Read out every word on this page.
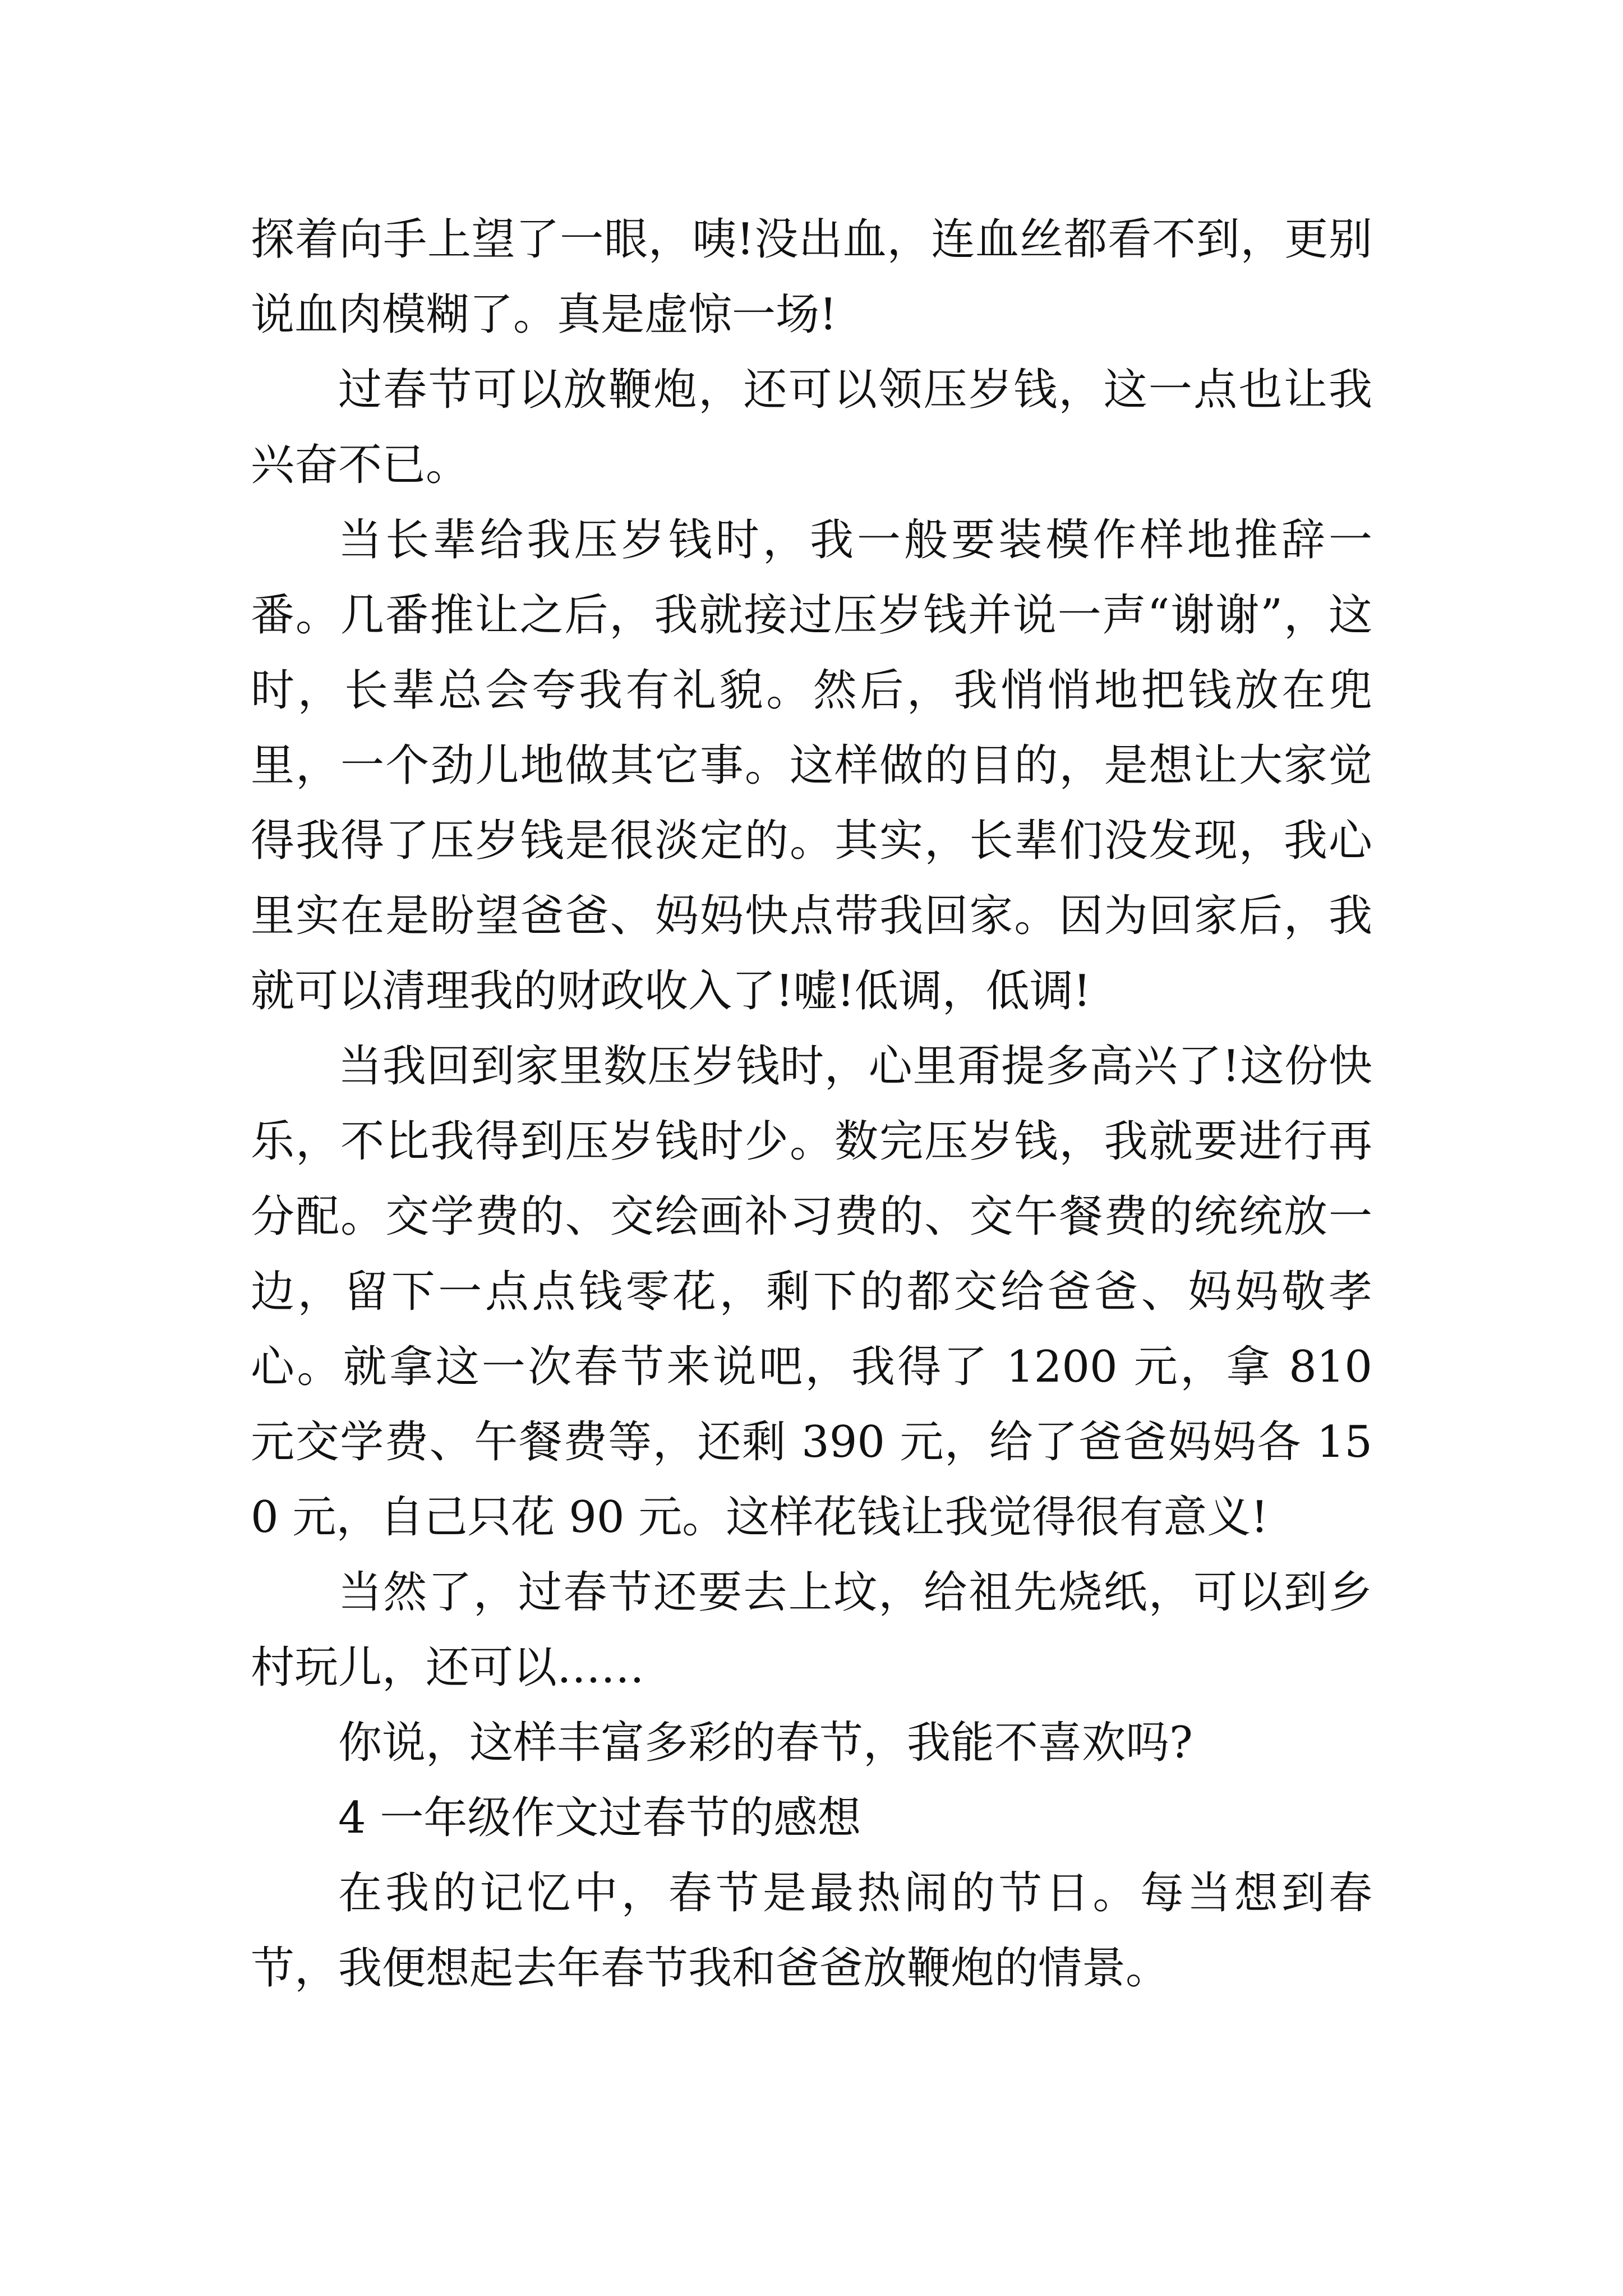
探着向手上望了一眼，咦!没出血，连血丝都看不到，更别说血肉模糊了。真是虚惊一场!

过春节可以放鞭炮，还可以领压岁钱，这一点也让我兴奋不已。

当长辈给我压岁钱时，我一般要装模作样地推辞一番。几番推让之后，我就接过压岁钱并说一声“谢谢”，这时，长辈总会夸我有礼貌。然后，我悄悄地把钱放在兜里，一个劲儿地做其它事。这样做的目的，是想让大家觉得我得了压岁钱是很淡定的。其实，长辈们没发现，我心里实在是盼望爸爸、妈妈快点带我回家。因为回家后，我就可以清理我的财政收入了!嘘!低调，低调!

当我回到家里数压岁钱时，心里甭提多高兴了!这份快乐，不比我得到压岁钱时少。数完压岁钱，我就要进行再分配。交学费的、交绘画补习费的、交午餐费的统统放一边，留下一点点钱零花，剩下的都交给爸爸、妈妈敬孝心。就拿这一次春节来说吧，我得了 1200 元，拿 810 元交学费、午餐费等，还剩 390 元，给了爸爸妈妈各 150 元，自己只花 90 元。这样花钱让我觉得很有意义!

当然了，过春节还要去上坟，给祖先烧纸，可以到乡村玩儿，还可以……

你说，这样丰富多彩的春节，我能不喜欢吗?

4 一年级作文过春节的感想

在我的记忆中，春节是最热闹的节日。每当想到春节，我便想起去年春节我和爸爸放鞭炮的情景。
